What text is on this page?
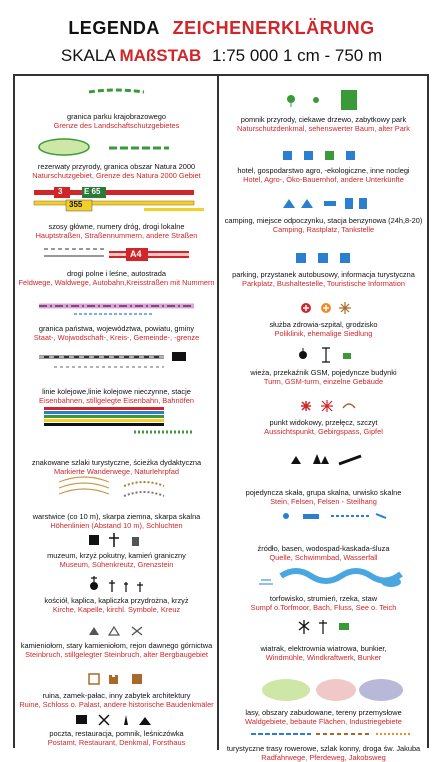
LEGENDA ZEICHENERKLÄRUNG
SKALA MAßSTAB 1:75 000 1 cm - 750 m
granica parku krajobrazowego
Grenze des Landschaftschutzgebietes
rezerwaty przyrody, granica obszar Natura 2000
Naturschutzgebiet, Grenze des Natura 2000 Gebiet
3	E 65
355
szosy główne, numery dróg, drogi lokalne
Hauptstraßen, Straßennummern, andere Straßen
A4
drogi polne i leśne, autostrada
Feldwege, Waldwege, Autobahn,Kreisstraßen mit Nummern
granica państwa, województwa, powiatu, gminy
Staat-, Wojwodschaft-, Kreis-, Gemeinde-, -grenze
linie kolejowe,linie kolejowe nieczynne, stacje
Eisenbahnen, stillgelegte Eisenbahn, Bahnöfen
znakowane szlaki turystyczne, ścieżka dydaktyczna
Markierte Wanderwege, Naturlehrpfad
warstwice (co 10 m), skarpa ziemna, skarpa skalna
Höhenlinien (Abstand 10 m), Schluchten
muzeum, krzyż pokutny, kamień graniczny
Museum, Sühenkreutz, Grenzstein
kościół, kaplica, kapliczka przydrożna, krzyż
Kirche, Kapelle, kirchl. Symbole, Kreuz
kamieniołom, stary kamieniołom, rejon dawnego górnictwa
Steinbruch, stillgelegter Steinbruch, alter Bergbaugebiet
ruina, zamek-pałac, inny zabytek architektury
Ruine, Schloss o. Palast, andere historische Baudenkmäler
poczta, restauracja, pomnik, leśniczówka
Postamt, Restaurant, Denkmal, Forsthaus
pomnik przyrody, ciekawe drzewo, zabytkowy park
Naturschutzdenkmal, sehenswerter Baum, alter Park
hotel, gospodarstwo agro, -ekologiczne, inne noclegi
Hotel, Agro-, Öko-Bauernhof, andere Unterkünfte
camping, miejsce odpoczynku, stacja benzynowa (24h,8-20)
Camping, Rastplatz, Tankstelle
parking, przystanek autobusowy, informacja turystyczna
Parkplatz, Bushaltestelle, Touristische Information
służba zdrowia-szpital, grodzisko
Poliklinik, ehemalige Siedlung
wieża, przekaźnik GSM, pojedyncze budynki
Turm, GSM-turm, einzelne Gebäude
punkt widokowy, przełęcz, szczyt
Aussichtspunkt, Gebirgspass, Gipfel
pojedyncza skała, grupa skalna, urwisko skalne
Stein, Felsen, Felsen - Steilhang
źródło, basen, wodospad-kaskada-śluza
Quelle, Schwimmbad, Wasserfall
torfowisko, strumień, rzeka, staw
Sumpf o.Torfmoor, Bach, Fluss, See o. Teich
wiatrak, elektrownia wiatrowa, bunkier,
Windmühle, Windkraftwerk, Bunker
lasy, obszary zabudowane, tereny przemysłowe
Waldgebiete, bebaute Flächen, Industriegebiete
turystyczne trasy rowerowe, szlak konny, droga św. Jakuba
Radfahrwege, Pferdeweg, Jakobsweg
